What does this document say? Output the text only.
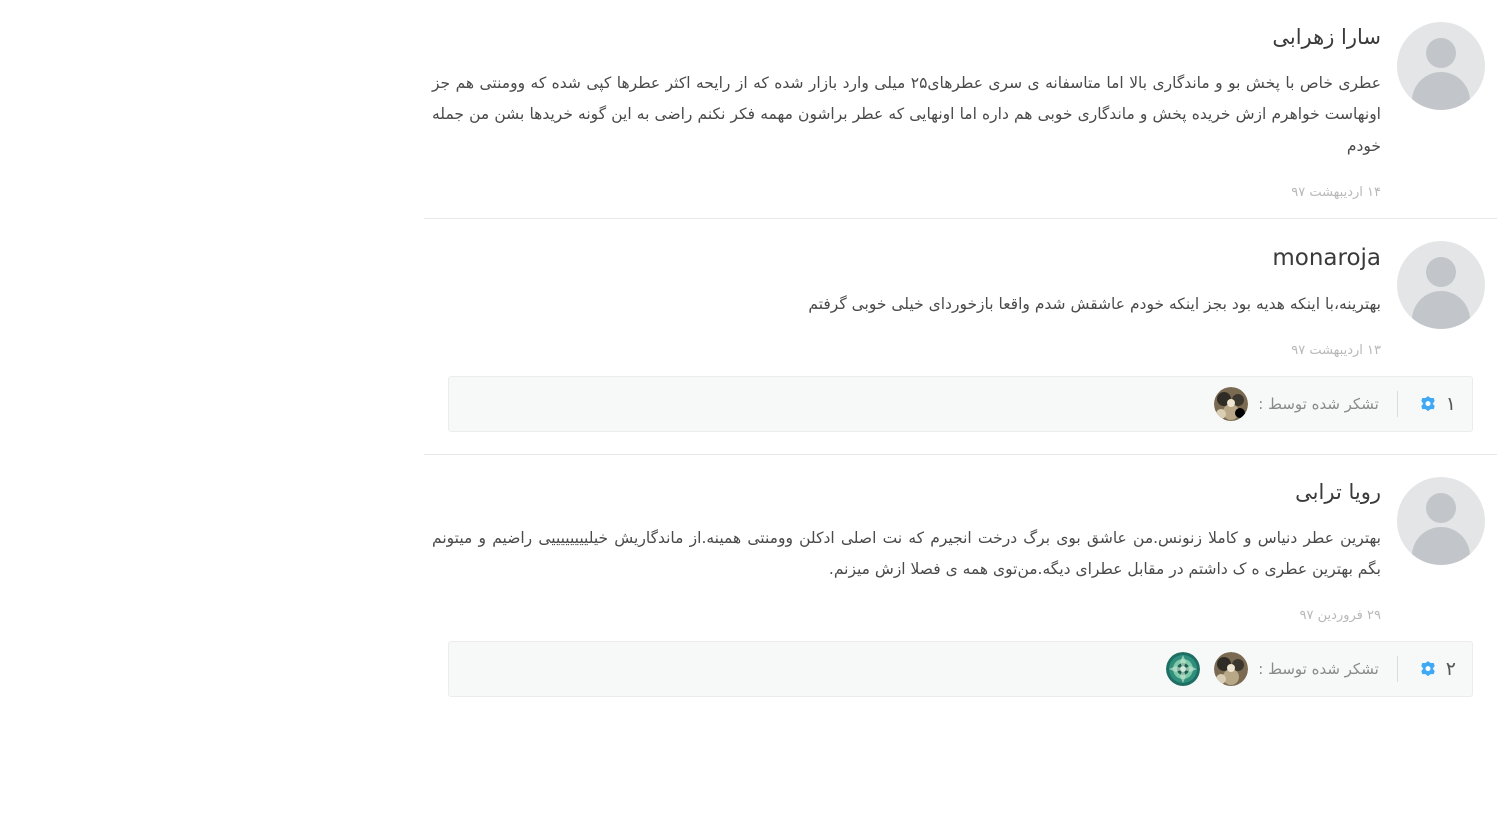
سارا زهرابی
عطری خاص با پخش بو و ماندگاری بالا اما متاسفانه ی سری عطرهای۲۵ میلی وارد بازار شده که از رایحه اکثر عطرها کپی شده که وومنتی هم جز اونهاست خواهرم ازش خریده پخش و ماندگاری خوبی هم داره اما اونهایی که عطر براشون مهمه فکر نکنم راضی به این گونه خریدها بشن من جمله خودم
۱۴ اردیبهشت ۹۷
monaroja
بهترینه،با اینکه هدیه بود بجز اینکه خودم عاشقش شدم واقعا بازخوردای خیلی خوبی گرفتم
۱۳ اردیبهشت ۹۷
۱
تشکر شده توسط :
رویا ترابی
بهترین عطر دنیاس و کاملا زنونس.من عاشق بوی برگ درخت انجیرم که نت اصلی ادکلن وومنتی همینه.از ماندگاریش خیلییییییییی راضیم و میتونم بگم بهترین عطری ه ک داشتم در مقابل عطرای دیگه.من‌توی همه ی فصلا ازش میزنم.
۲۹ فروردین ۹۷
۲
تشکر شده توسط :
